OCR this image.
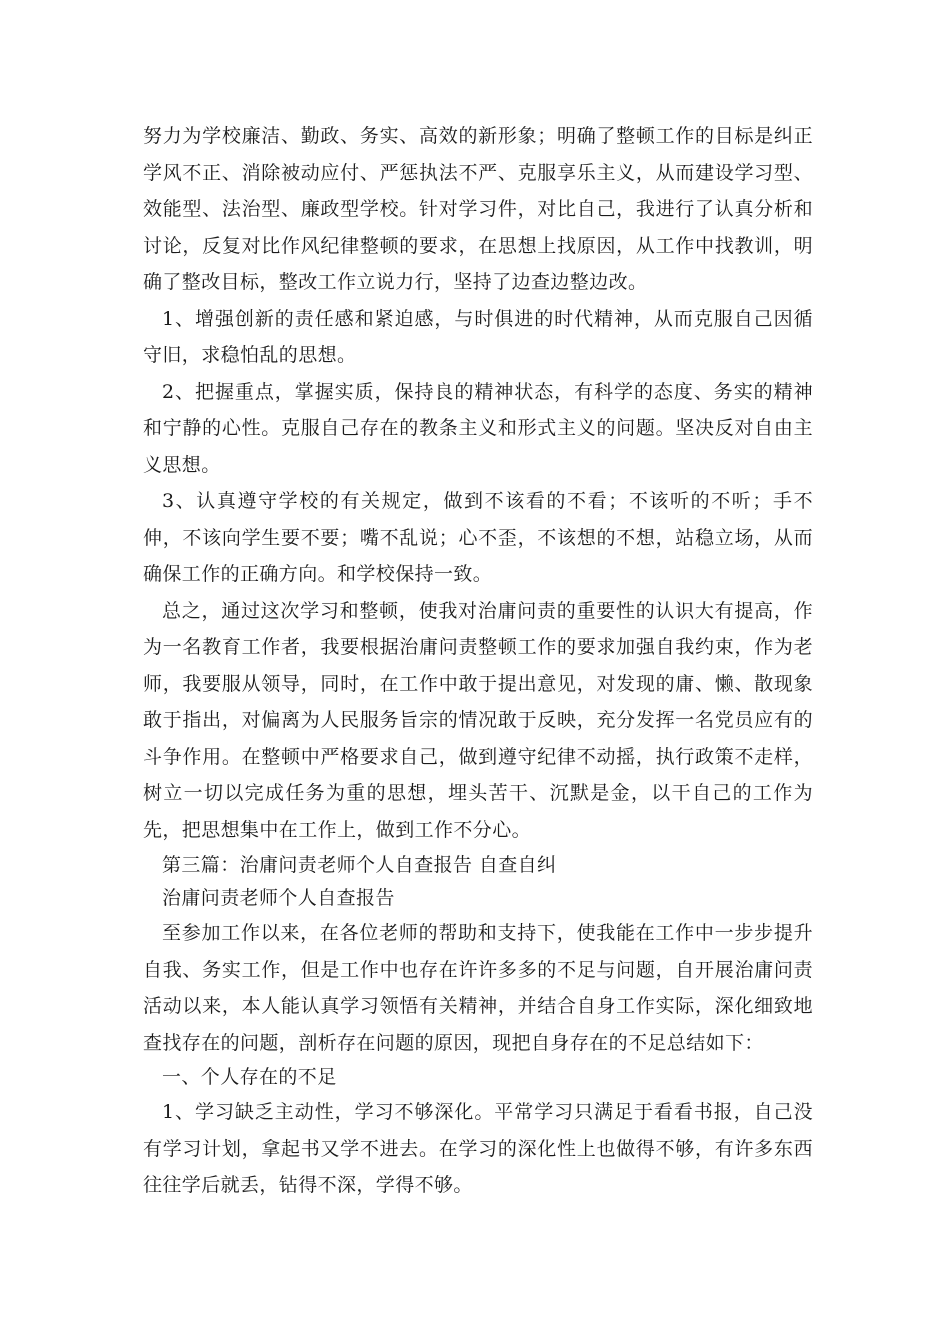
努力为学校廉洁、勤政、务实、高效的新形象；明确了整顿工作的目标是纠正学风不正、消除被动应付、严惩执法不严、克服享乐主义，从而建设学习型、效能型、法治型、廉政型学校。针对学习件，对比自己，我进行了认真分析和讨论，反复对比作风纪律整顿的要求，在思想上找原因，从工作中找教训，明确了整改目标，整改工作立说力行，坚持了边查边整边改。

1、增强创新的责任感和紧迫感，与时俱进的时代精神，从而克服自己因循守旧，求稳怕乱的思想。

2、把握重点，掌握实质，保持良的精神状态，有科学的态度、务实的精神和宁静的心性。克服自己存在的教条主义和形式主义的问题。坚决反对自由主义思想。

3、认真遵守学校的有关规定，做到不该看的不看；不该听的不听；手不伸，不该向学生要不要；嘴不乱说；心不歪，不该想的不想，站稳立场，从而确保工作的正确方向。和学校保持一致。

总之，通过这次学习和整顿，使我对治庸问责的重要性的认识大有提高，作为一名教育工作者，我要根据治庸问责整顿工作的要求加强自我约束，作为老师，我要服从领导，同时，在工作中敢于提出意见，对发现的庸、懒、散现象敢于指出，对偏离为人民服务旨宗的情况敢于反映，充分发挥一名党员应有的斗争作用。在整顿中严格要求自己，做到遵守纪律不动摇，执行政策不走样，树立一切以完成任务为重的思想，埋头苦干、沉默是金，以干自己的工作为先，把思想集中在工作上，做到工作不分心。

第三篇：治庸问责老师个人自查报告 自查自纠

治庸问责老师个人自查报告

至参加工作以来，在各位老师的帮助和支持下，使我能在工作中一步步提升自我、务实工作，但是工作中也存在许许多多的不足与问题，自开展治庸问责活动以来，本人能认真学习领悟有关精神，并结合自身工作实际，深化细致地查找存在的问题，剖析存在问题的原因，现把自身存在的不足总结如下：

一、个人存在的不足

1、学习缺乏主动性，学习不够深化。平常学习只满足于看看书报，自己没有学习计划，拿起书又学不进去。在学习的深化性上也做得不够，有许多东西往往学后就丢，钻得不深，学得不够。
